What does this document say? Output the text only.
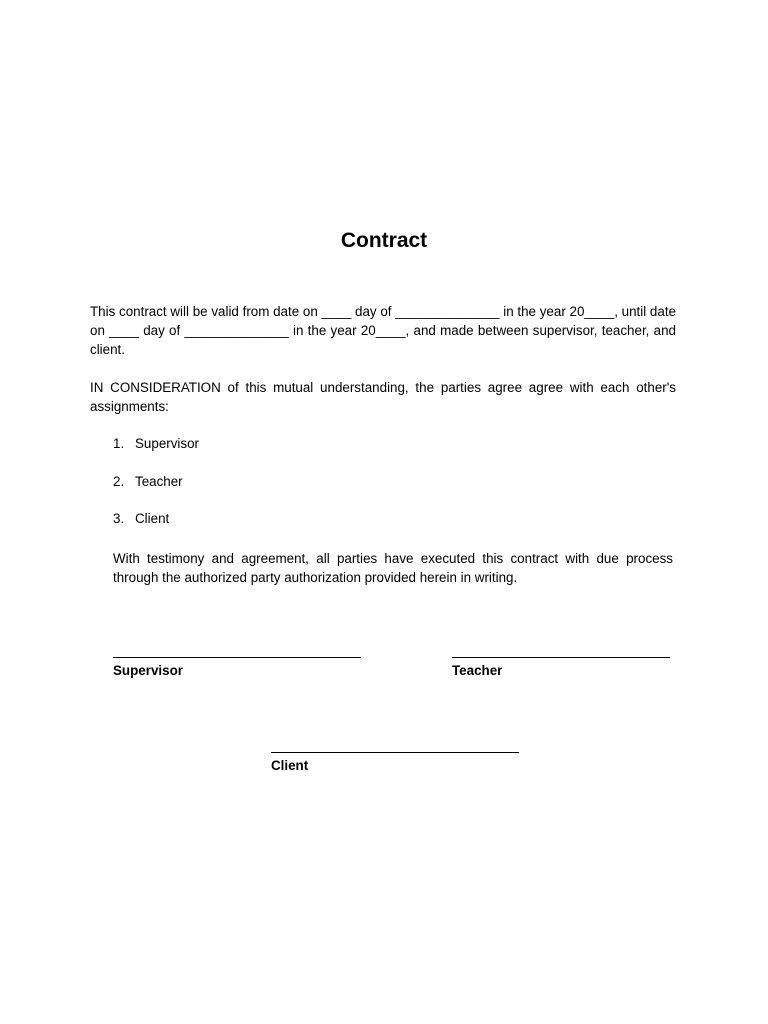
Contract

This contract will be valid from date on ____ day of ______________ in the year 20____, until date on ____ day of ______________ in the year 20____, and made between supervisor, teacher, and client.

IN CONSIDERATION of this mutual understanding, the parties agree agree with each other's assignments:

1. Supervisor
2. Teacher
3. Client

With testimony and agreement, all parties have executed this contract with due process through the authorized party authorization provided herein in writing.

Supervisor	Teacher
Client
